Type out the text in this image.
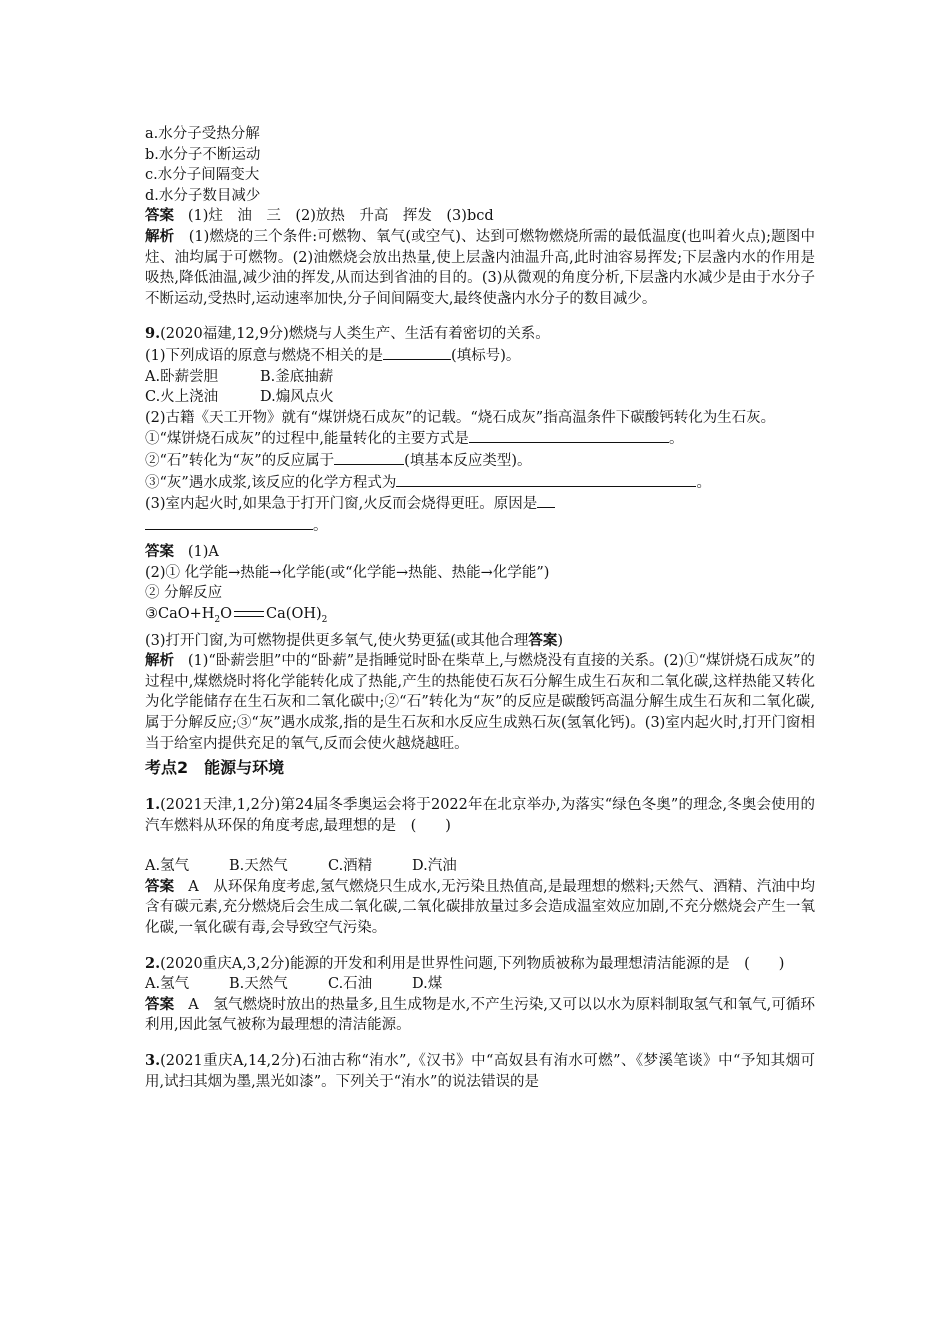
a.水分子受热分解
b.水分子不断运动
c.水分子间隔变大
d.水分子数目减少
答案 (1)炷　油　三　(2)放热　升高　挥发　(3)bcd
解析 (1)燃烧的三个条件:可燃物、氧气(或空气)、达到可燃物燃烧所需的最低温度(也叫着火点);题图中炷、油均属于可燃物。(2)油燃烧会放出热量,使上层盏内油温升高,此时油容易挥发;下层盏内水的作用是吸热,降低油温,减少油的挥发,从而达到省油的目的。(3)从微观的角度分析,下层盏内水减少是由于水分子不断运动,受热时,运动速率加快,分子间间隔变大,最终使盏内水分子的数目减少。
9.(2020福建,12,9分)燃烧与人类生产、生活有着密切的关系。
(1)下列成语的原意与燃烧不相关的是	(填标号)。
A.卧薪尝胆	B.釜底抽薪
C.火上浇油	D.煽风点火
(2)古籍《天工开物》就有“煤饼烧石成灰”的记载。“烧石成灰”指高温条件下碳酸钙转化为生石灰。
①“煤饼烧石成灰”的过程中,能量转化的主要方式是	。
②“石”转化为“灰”的反应属于	(填基本反应类型)。
③“灰”遇水成浆,该反应的化学方程式为	。
(3)室内起火时,如果急于打开门窗,火反而会烧得更旺。原因是
。
答案 (1)A
(2)① 化学能→热能→化学能(或“化学能→热能、热能→化学能”)
② 分解反应
$③CaO+H_2O$ $Ca(OH)_2$
(3)打开门窗,为可燃物提供更多氧气,使火势更猛(或其他合理答案)
解析 (1)“卧薪尝胆”中的“卧薪”是指睡觉时卧在柴草上,与燃烧没有直接的关系。(2)①“煤饼烧石成灰”的过程中,煤燃烧时将化学能转化成了热能,产生的热能使石灰石分解生成生石灰和二氧化碳,这样热能又转化为化学能储存在生石灰和二氧化碳中;②“石”转化为“灰”的反应是碳酸钙高温分解生成生石灰和二氧化碳,属于分解反应;③“灰”遇水成浆,指的是生石灰和水反应生成熟石灰(氢氧化钙)。(3)室内起火时,打开门窗相当于给室内提供充足的氧气,反而会使火越烧越旺。
考点2　能源与环境
1.(2021天津,1,2分)第24届冬季奥运会将于2022年在北京举办,为落实“绿色冬奥”的理念,冬奥会使用的汽车燃料从环保的角度考虑,最理想的是　(　　)
A.氢气	B.天然气	C.酒精	D.汽油
答案 A　从环保角度考虑,氢气燃烧只生成水,无污染且热值高,是最理想的燃料;天然气、酒精、汽油中均含有碳元素,充分燃烧后会生成二氧化碳,二氧化碳排放量过多会造成温室效应加剧,不充分燃烧会产生一氧化碳,一氧化碳有毒,会导致空气污染。
2.(2020重庆A,3,2分)能源的开发和利用是世界性问题,下列物质被称为最理想清洁能源的是　(　　)
A.氢气	B.天然气	C.石油	D.煤
答案 A　氢气燃烧时放出的热量多,且生成物是水,不产生污染,又可以以水为原料制取氢气和氧气,可循环利用,因此氢气被称为最理想的清洁能源。
3.(2021重庆A,14,2分)石油古称“洧水”,《汉书》中“高奴县有洧水可燃”、《梦溪笔谈》中“予知其烟可用,试扫其烟为墨,黑光如漆”。下列关于“洧水”的说法错误的是
